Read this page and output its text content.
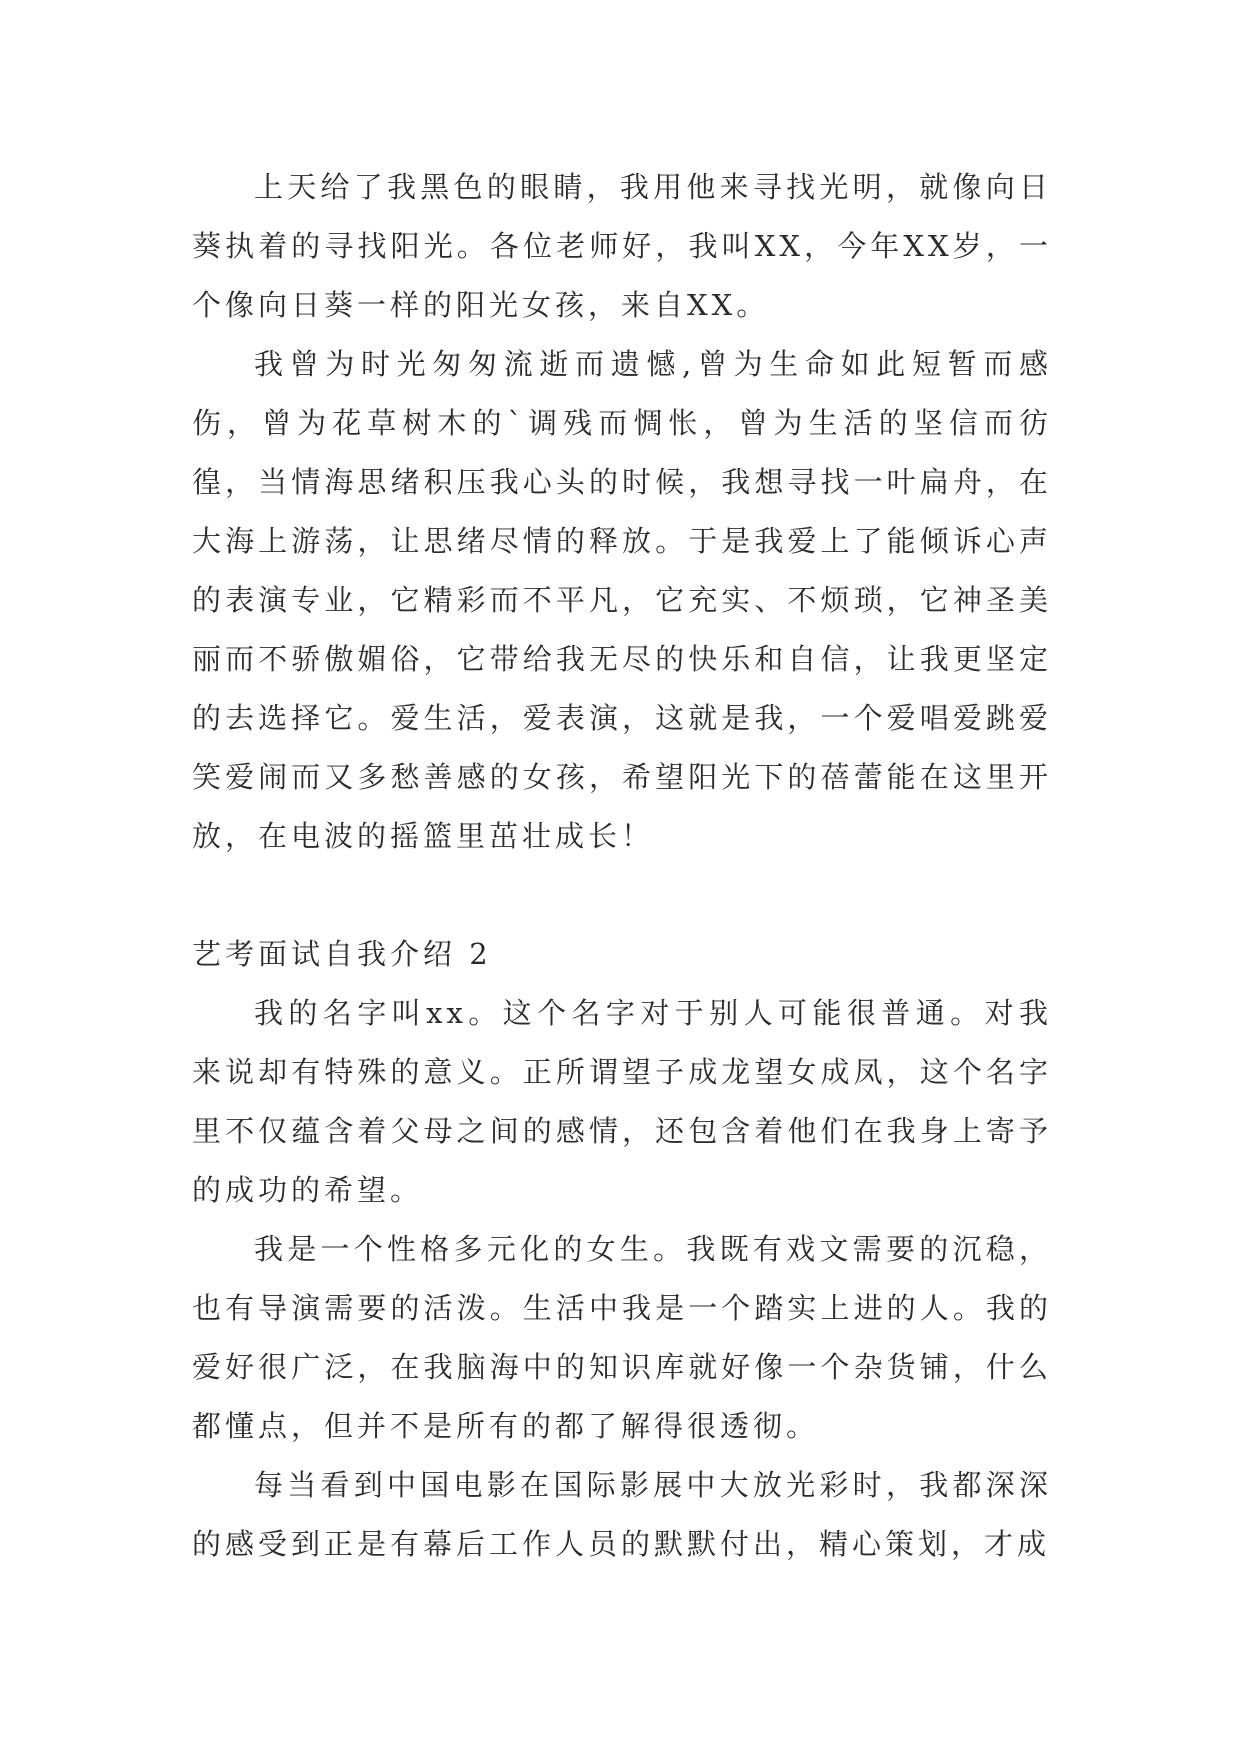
上天给了我黑色的眼睛，我用他来寻找光明，就像向日葵执着的寻找阳光。各位老师好，我叫XX，今年XX岁，一个像向日葵一样的阳光女孩，来自XX。

我曾为时光匆匆流逝而遗憾,曾为生命如此短暂而感伤，曾为花草树木的`调残而惆怅，曾为生活的坚信而彷徨，当情海思绪积压我心头的时候，我想寻找一叶扁舟，在大海上游荡，让思绪尽情的释放。于是我爱上了能倾诉心声的表演专业，它精彩而不平凡，它充实、不烦琐，它神圣美丽而不骄傲媚俗，它带给我无尽的快乐和自信，让我更坚定的去选择它。爱生活，爱表演，这就是我，一个爱唱爱跳爱笑爱闹而又多愁善感的女孩，希望阳光下的蓓蕾能在这里开放，在电波的摇篮里茁壮成长！

艺考面试自我介绍 2

我的名字叫xx。这个名字对于别人可能很普通。对我来说却有特殊的意义。正所谓望子成龙望女成凤，这个名字里不仅蕴含着父母之间的感情，还包含着他们在我身上寄予的成功的希望。

我是一个性格多元化的女生。我既有戏文需要的沉稳，也有导演需要的活泼。生活中我是一个踏实上进的人。我的爱好很广泛，在我脑海中的知识库就好像一个杂货铺，什么都懂点，但并不是所有的都了解得很透彻。

每当看到中国电影在国际影展中大放光彩时，我都深深的感受到正是有幕后工作人员的默默付出，精心策划，才成
